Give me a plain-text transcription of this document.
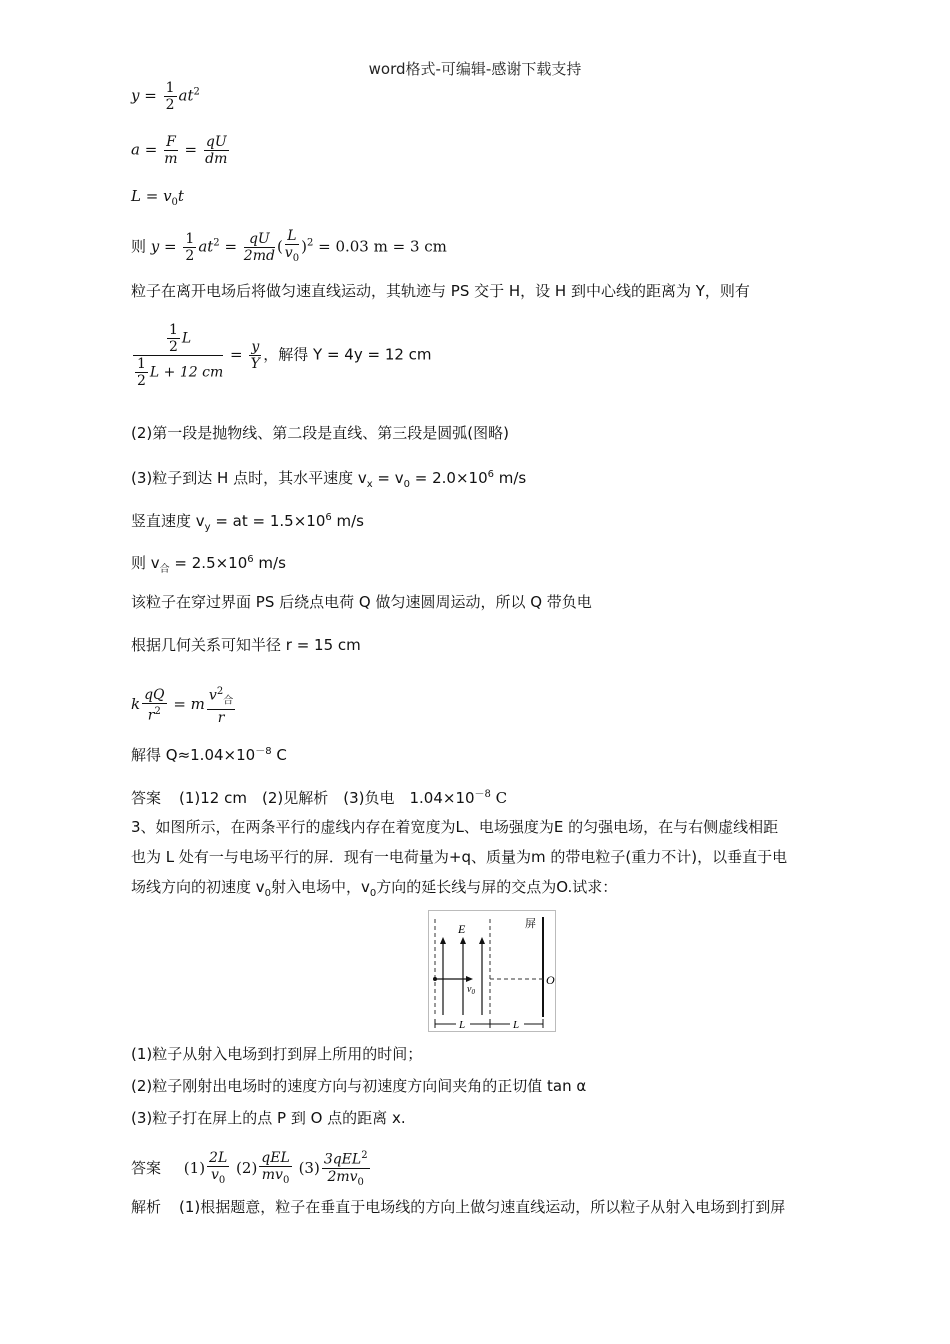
word格式-可编辑-感谢下载支持
$y = \frac{1}{2} at^2$
$a = \frac{F}{m} = \frac{qU}{dm}$
$L = v_0t$
则 $y = \frac{1}{2} at^2 = \frac{qU}{2md}$ ( $\frac{L}{v_0} )^2 = 0.03$ m = 3 cm
粒子在离开电场后将做匀速直线运动，其轨迹与 PS 交于 H，设 H 到中心线的距离为 Y，则有
$\frac{\frac{1}{2} L}{\frac{1}{2} L + 12 cm} = \frac{y}{Y}$ ，解得 Y = 4y = 12 cm
(2)第一段是抛物线、第二段是直线、第三段是圆弧(图略)
(3)粒子到达 H 点时，其水平速度 $v_x = v_0 = 2.0\times 10^6$ m/s
竖直速度 $v_y$ = at = $1.5\times 10^6$ m/s
则 $v_合 = 2.5\times 10^6$ m/s
该粒子在穿过界面 PS 后绕点电荷 Q 做匀速圆周运动，所以 Q 带负电
根据几何关系可知半径 r = 15 cm
k $\frac{qQ}{r^2} = m \frac{v^2_合}{r}$
解得 $Q\approx 1.04\times 10^{-8}$ C
答案 (1)12 cm　(2)见解析　(3)负电　$1.04\times 10^{-8}$ C
3、如图所示，在两条平行的虚线内存在着宽度为L、电场强度为E 的匀强电场，在与右侧虚线相距
也为 L 处有一与电场平行的屏．现有一电荷量为+q、质量为m 的带电粒子(重力不计)，以垂直于电
场线方向的初速度 $v_0$射入电场中，$v_0$方向的延长线与屏的交点为O.试求：
E	屏
O
$v_0$
L	L
(1)粒子从射入电场到打到屏上所用的时间；
(2)粒子刚射出电场时的速度方向与初速度方向间夹角的正切值 tan α
(3)粒子打在屏上的点 P 到 O 点的距离 x.
答案 $(1) \frac{2L}{v_0} (2) \frac{\text{qEL}}{mv_0} (3) \frac{3qEL^2}{2mv_0}$
解析 (1)根据题意，粒子在垂直于电场线的方向上做匀速直线运动，所以粒子从射入电场到打到屏
